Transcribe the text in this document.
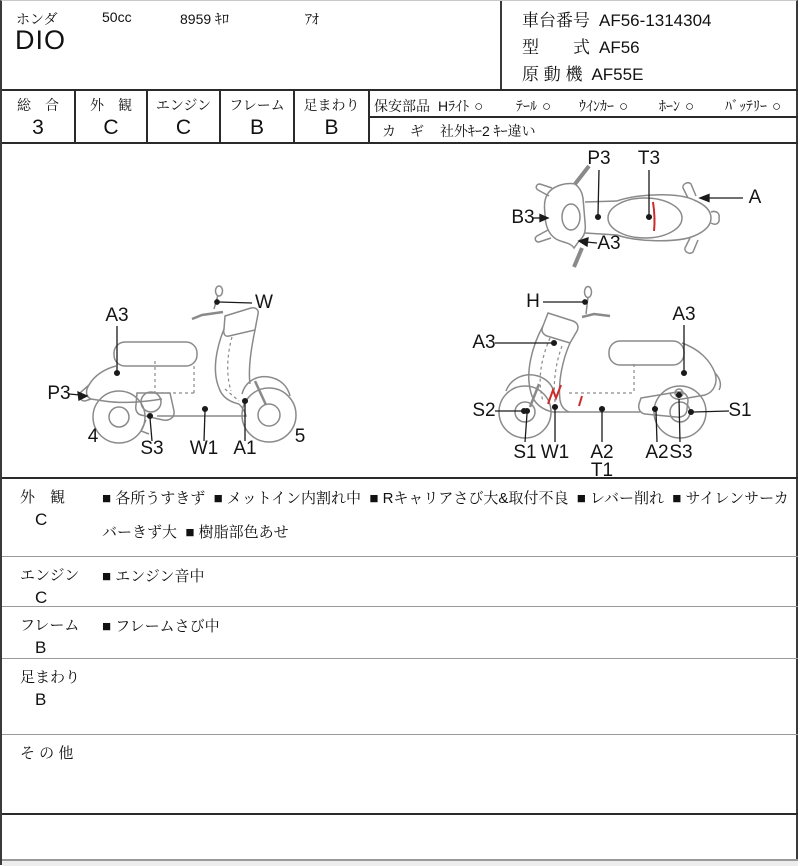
ホンダ	50cc	8959 ｷﾛ	ｱｵ
DIO
車台番号 AF56-1314304
型　　式 AF56
原 動 機 AF55E
総　合
3
外　観
C
エンジン
C
フレーム
B
足まわり
B
保安部品 Hﾗｲﾄ ○ ﾃｰﾙ ○ ｳｲﾝｶｰ ○ ﾎｰﾝ ○ ﾊﾞｯﾃﾘｰ ○
カ　ギ 社外ｷｰ2 ｷｰ違い
P3 T3
A
B3
A3
W
A3
P3
4
S3 W1 A1
5
H
A3
A3
S2
S1 W1 A2
T1
A2 S3
S1
外　観
C
■ 各所うすきず  ■ メットイン内割れ中  ■ Rキャリアさび大&取付不良  ■ レバー削れ  ■ サイレンサーカ
バーきず大  ■ 樹脂部色あせ
エンジン
C
■ エンジン音中
フレーム
B
■ フレームさび中
足まわり
B
そ の 他
